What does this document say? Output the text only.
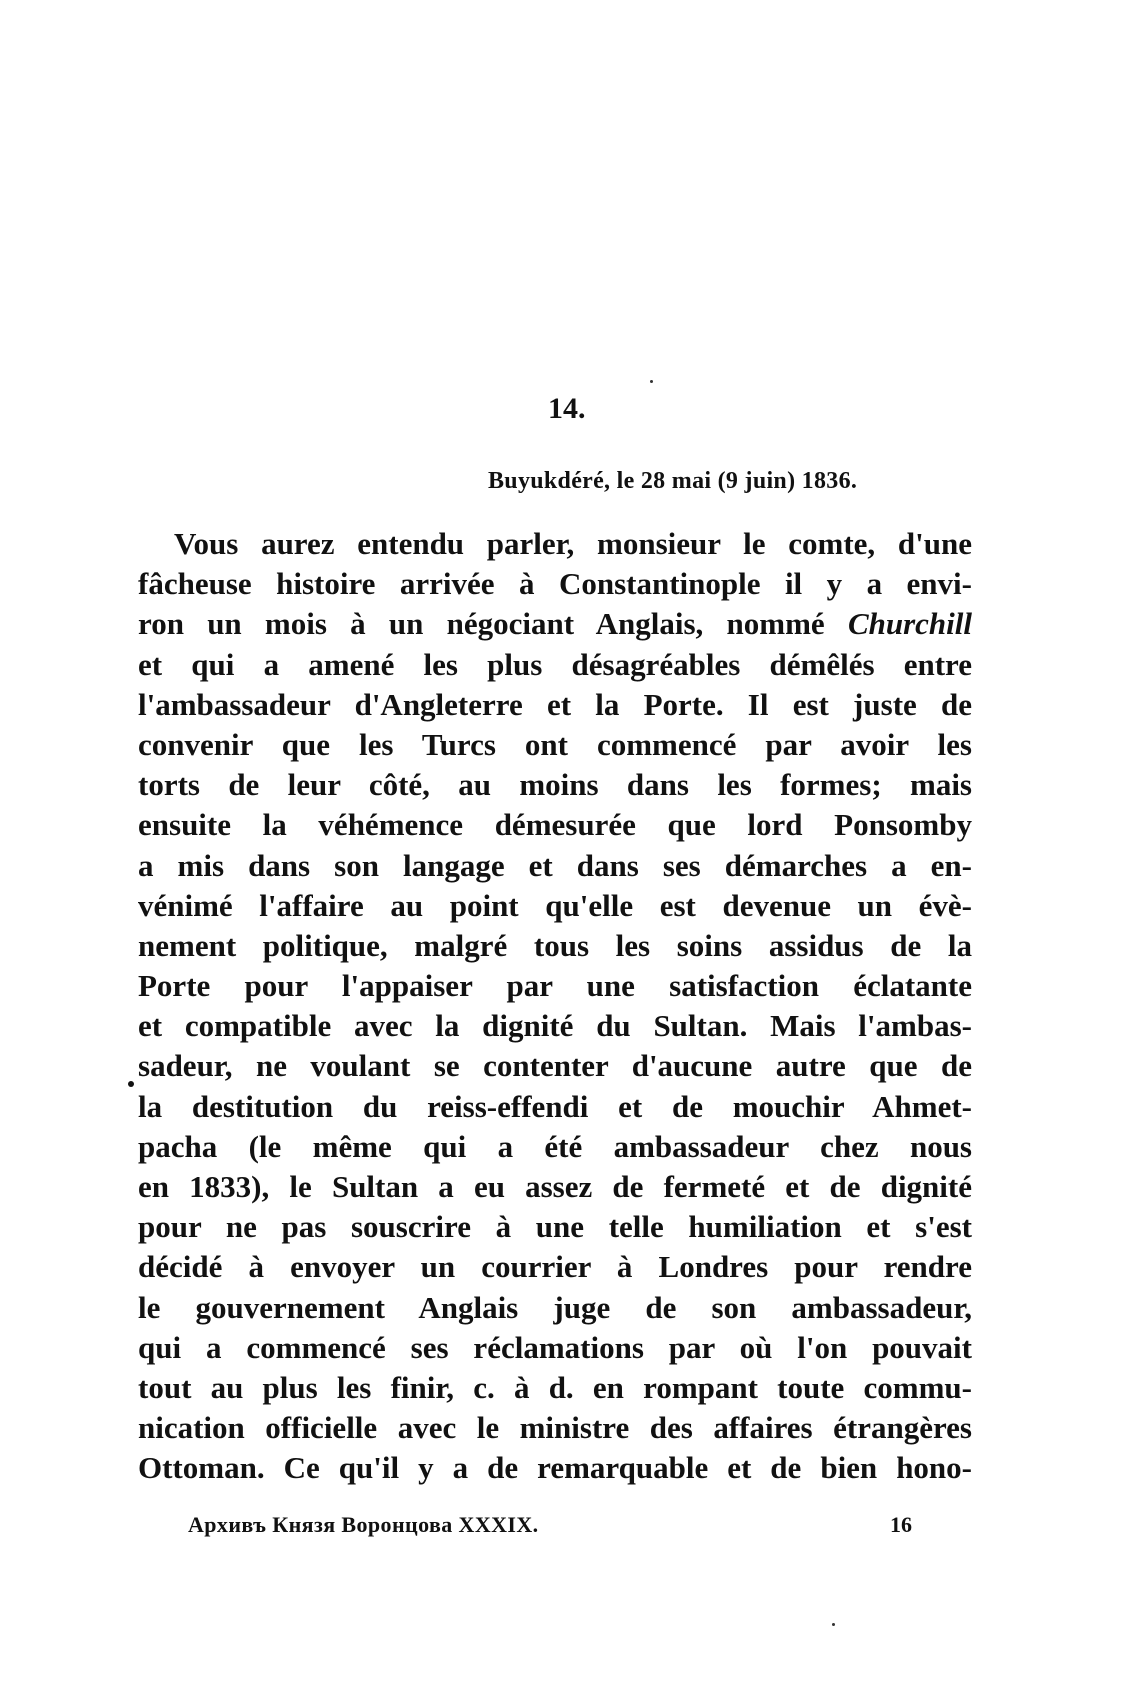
14.
Buyukdéré, le 28 mai (9 juin) 1836.
Vous aurez entendu parler, monsieur le comte, d'une
fâcheuse histoire arrivée à Constantinople il y a envi-
ron un mois à un négociant Anglais, nommé Churchill
et qui a amené les plus désagréables démêlés entre
l'ambassadeur d'Angleterre et la Porte. Il est juste de
convenir que les Turcs ont commencé par avoir les
torts de leur côté, au moins dans les formes; mais
ensuite la véhémence démesurée que lord Ponsomby
a mis dans son langage et dans ses démarches a en-
vénimé l'affaire au point qu'elle est devenue un évè-
nement politique, malgré tous les soins assidus de la
Porte pour l'appaiser par une satisfaction éclatante
et compatible avec la dignité du Sultan. Mais l'ambas-
sadeur, ne voulant se contenter d'aucune autre que de
la destitution du reiss-effendi et de mouchir Ahmet-
pacha (le même qui a été ambassadeur chez nous
en 1833), le Sultan a eu assez de fermeté et de dignité
pour ne pas souscrire à une telle humiliation et s'est
décidé à envoyer un courrier à Londres pour rendre
le gouvernement Anglais juge de son ambassadeur,
qui a commencé ses réclamations par où l'on pouvait
tout au plus les finir, c. à d. en rompant toute commu-
nication officielle avec le ministre des affaires étrangères
Ottoman. Ce qu'il y a de remarquable et de bien hono-
Архивъ Князя Воронцова XXXIX.	16
